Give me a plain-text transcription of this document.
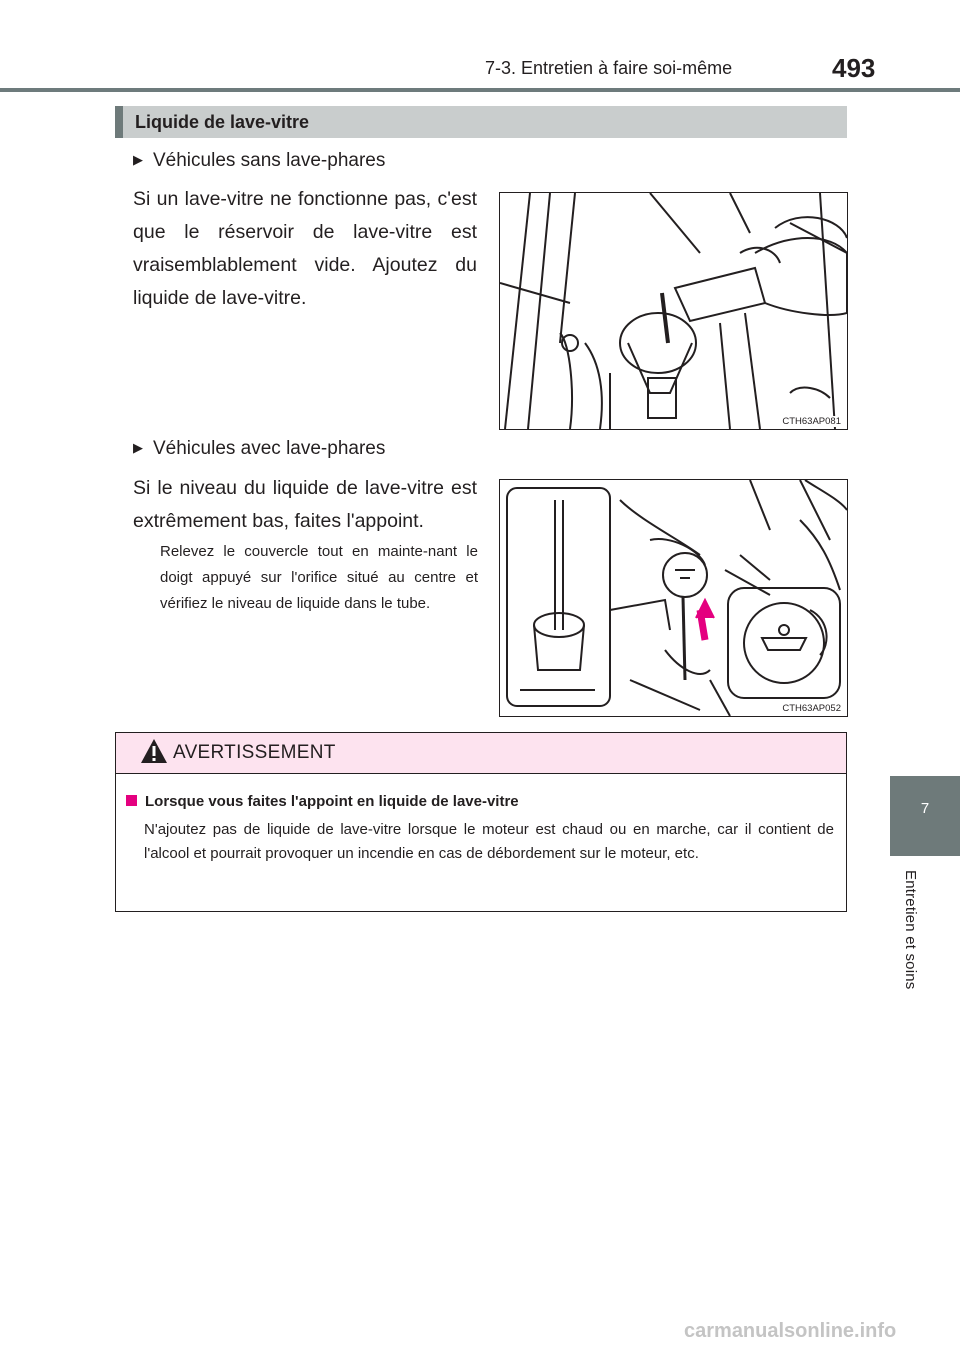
7-3. Entretien à faire soi-même	493
7
Entretien et soins
Liquide de lave-vitre
▶ Véhicules sans lave-phares
Si un lave-vitre ne fonctionne pas, c'est que le réservoir de lave-vitre est vraisemblablement vide. Ajoutez du liquide de lave-vitre.
CTH63AP081
▶ Véhicules avec lave-phares
Si le niveau du liquide de lave-vitre est extrêmement bas, faites l'appoint.
Relevez le couvercle tout en mainte-nant le doigt appuyé sur l'orifice situé au centre et vérifiez le niveau de liquide dans le tube.
CTH63AP052
AVERTISSEMENT
Lorsque vous faites l'appoint en liquide de lave-vitre
N'ajoutez pas de liquide de lave-vitre lorsque le moteur est chaud ou en marche, car il contient de l'alcool et pourrait provoquer un incendie en cas de débordement sur le moteur, etc.
carmanualsonline.info
